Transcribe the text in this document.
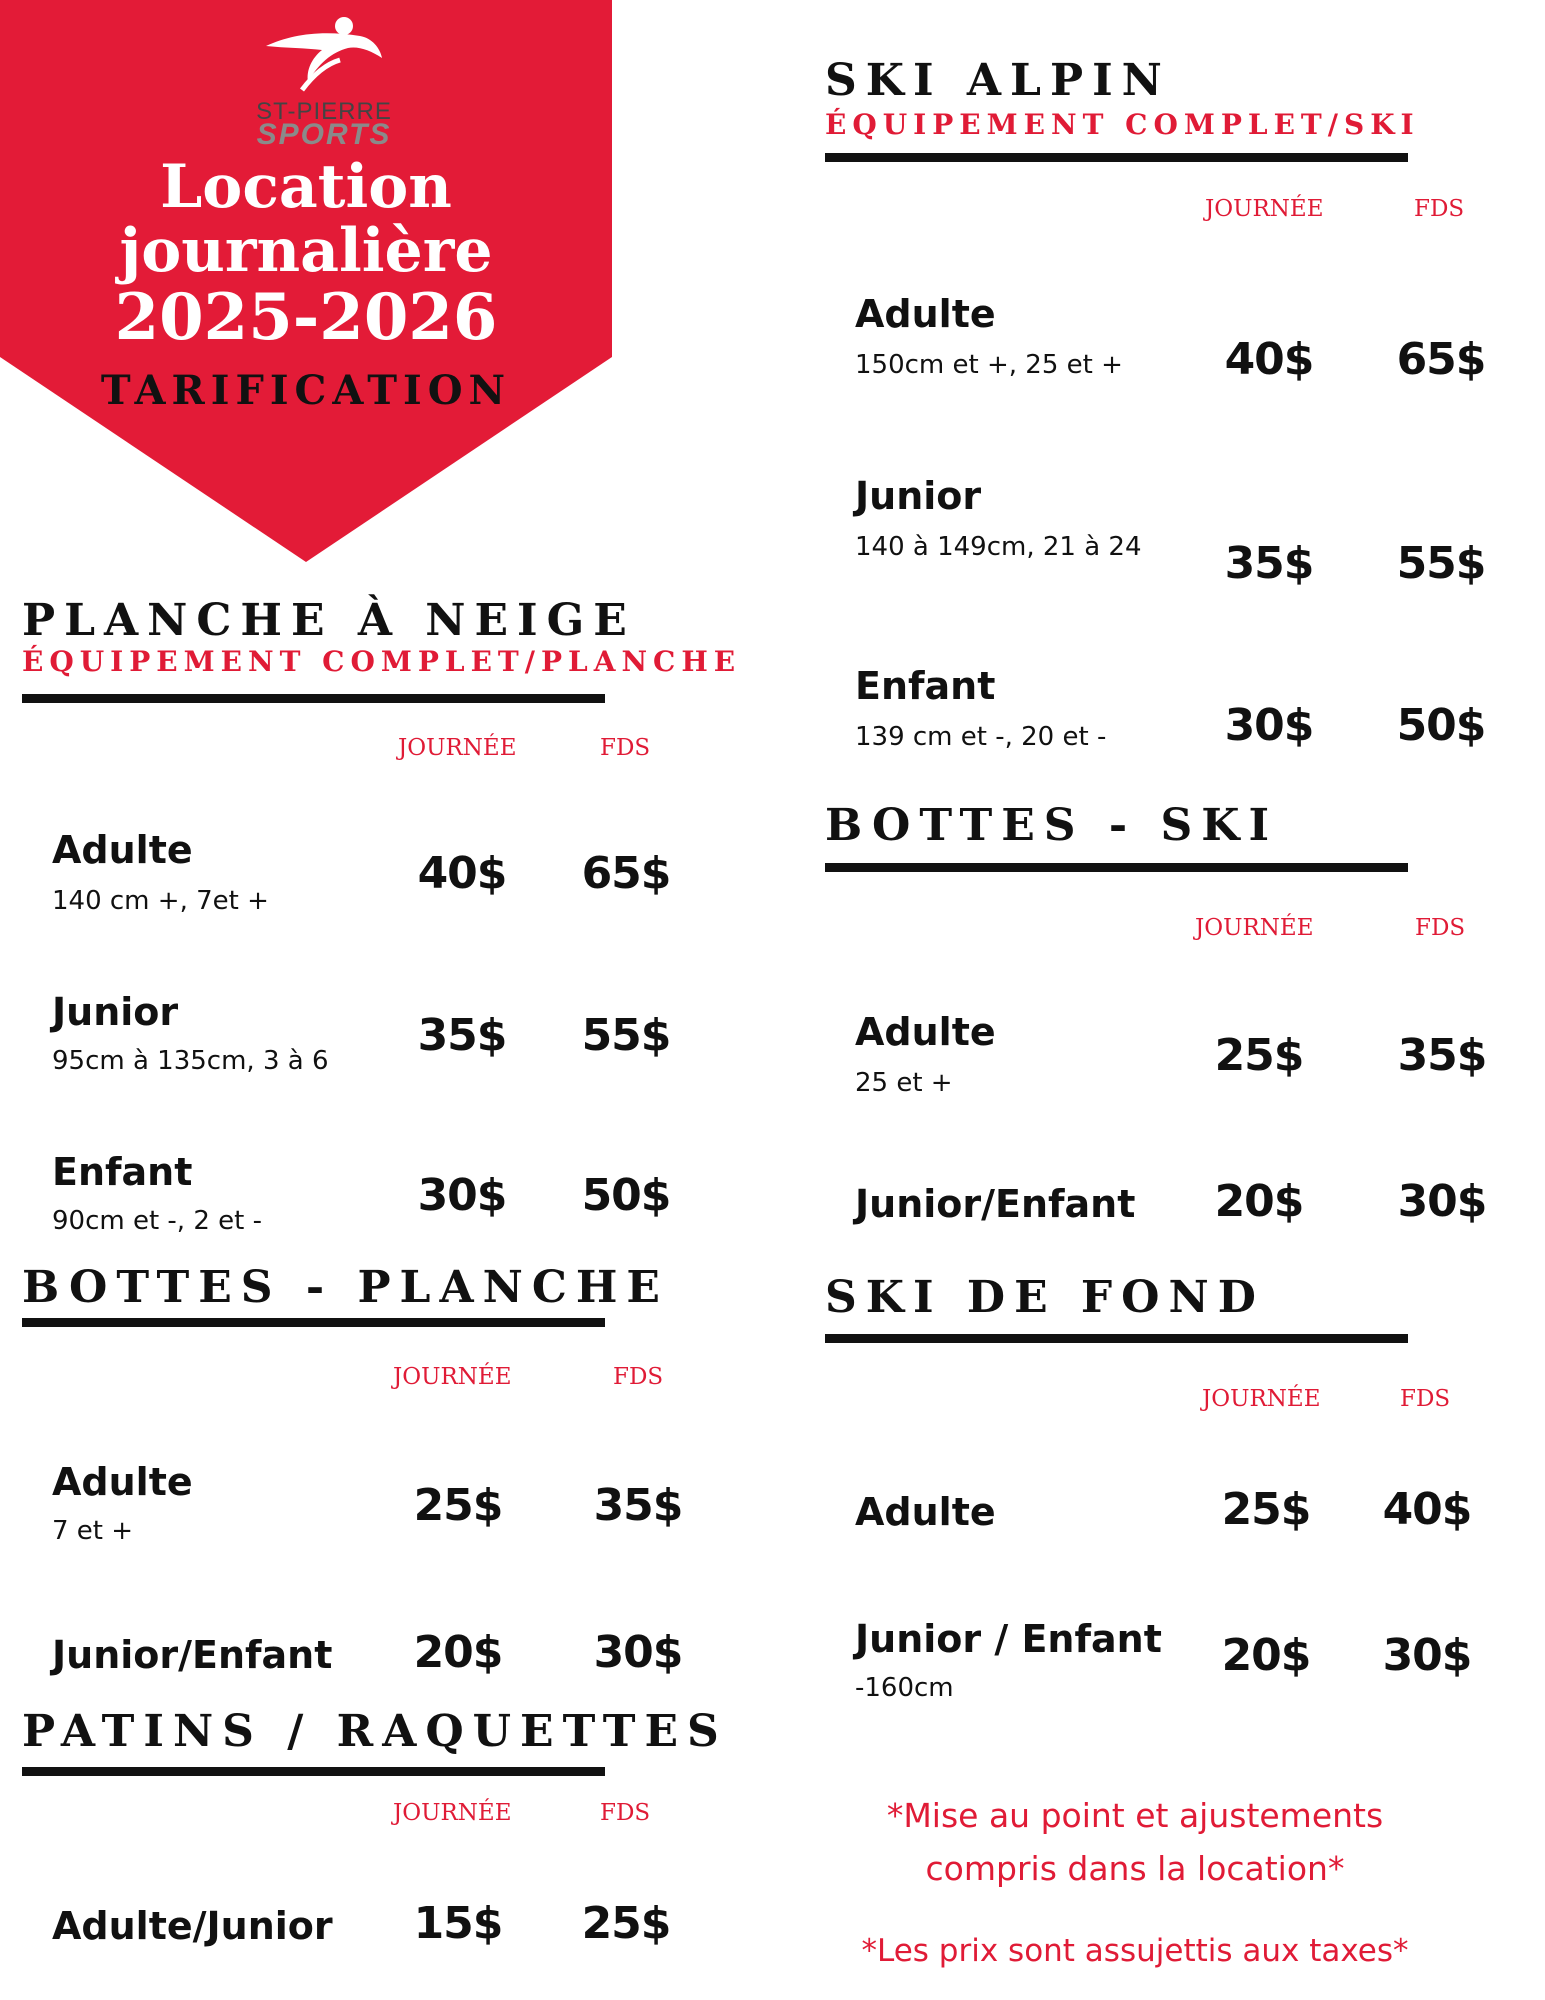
ST-PIERRE
SPORTS
Location
journalière
2025-2026
TARIFICATION
PLANCHE À NEIGE
ÉQUIPEMENT COMPLET/PLANCHE
JOURNÉE	FDS
Adulte
140 cm +, 7et +
40$	65$
Junior
95cm à 135cm, 3 à 6	35$	55$
Enfant
90cm et -, 2 et -	30$	50$
BOTTES - PLANCHE
JOURNÉE	FDS
Adulte
7 et +	25$	35$
Junior/Enfant	20$	30$
PATINS / RAQUETTES
JOURNÉE	FDS
Adulte/Junior	15$	25$
SKI ALPIN
ÉQUIPEMENT COMPLET/SKI
JOURNÉE	FDS
Adulte
150cm et +, 25 et +	40$	65$
Junior
140 à 149cm, 21 à 24	35$	55$
Enfant
139 cm et -, 20 et -	30$	50$
BOTTES - SKI
JOURNÉE	FDS
Adulte
25 et +
25$	35$
Junior/Enfant	20$	30$
SKI DE FOND
JOURNÉE	FDS
Adulte	25$	40$
Junior / Enfant
-160cm
20$	30$
*Mise au point et ajustements
compris dans la location*
*Les prix sont assujettis aux taxes*
